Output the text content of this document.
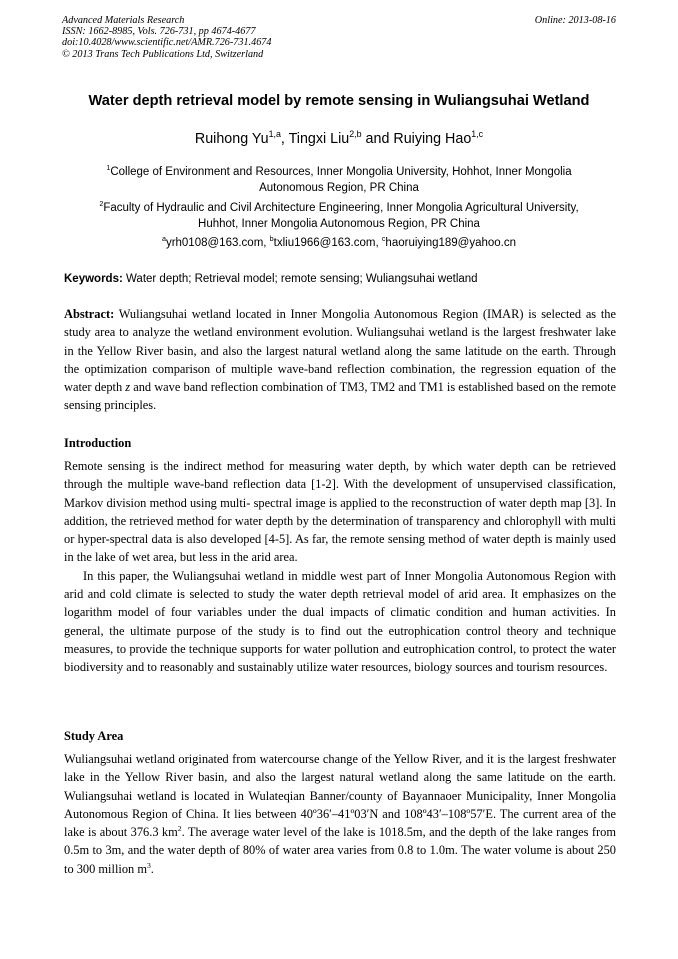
Advanced Materials Research
ISSN: 1662-8985, Vols. 726-731, pp 4674-4677
doi:10.4028/www.scientific.net/AMR.726-731.4674
© 2013 Trans Tech Publications Ltd, Switzerland
Online: 2013-08-16
Water depth retrieval model by remote sensing in Wuliangsuhai Wetland
Ruihong Yu$^{1,a}$, Tingxi Liu$^{2,b}$ and Ruiying Hao$^{1,c}$
$^1$College of Environment and Resources, Inner Mongolia University, Hohhot, Inner Mongolia
Autonomous Region, PR China
$^2$Faculty of Hydraulic and Civil Architecture Engineering, Inner Mongolia Agricultural University,
Huhhot, Inner Mongolia Autonomous Region, PR China
$^a$yrh0108@163.com, $^b$txliu1966@163.com, $^c$haoruiying189@yahoo.cn
Keywords: Water depth; Retrieval model; remote sensing; Wuliangsuhai wetland

Abstract: Wuliangsuhai wetland located in Inner Mongolia Autonomous Region (IMAR) is selected as the study area to analyze the wetland environment evolution. Wuliangsuhai wetland is the largest freshwater lake in the Yellow River basin, and also the largest natural wetland along the same latitude on the earth. Through the optimization comparison of multiple wave-band reflection combination, the regression equation of the water depth z and wave band reflection combination of TM3, TM2 and TM1 is established based on the remote sensing principles.

Introduction

Remote sensing is the indirect method for measuring water depth, by which water depth can be retrieved through the multiple wave-band reflection data [1-2]. With the development of unsupervised classification, Markov division method using multi- spectral image is applied to the reconstruction of water depth map [3]. In addition, the retrieved method for water depth by the determination of transparency and chlorophyll with multi or hyper-spectral data is also developed [4-5]. As far, the remote sensing method of water depth is mainly used in the lake of wet area, but less in the arid area.

In this paper, the Wuliangsuhai wetland in middle west part of Inner Mongolia Autonomous Region with arid and cold climate is selected to study the water depth retrieval model of arid area. It emphasizes on the logarithm model of four variables under the dual impacts of climatic condition and human activities. In general, the ultimate purpose of the study is to find out the eutrophication control theory and technique measures, to provide the technique supports for water pollution and eutrophication control, to protect the water biodiversity and to reasonably and sustainably utilize water resources, biology sources and tourism resources.

Study Area

Wuliangsuhai wetland originated from watercourse change of the Yellow River, and it is the largest freshwater lake in the Yellow River basin, and also the largest natural wetland along the same latitude on the earth. Wuliangsuhai wetland is located in Wulateqian Banner/county of Bayannaoer Municipality, Inner Mongolia Autonomous Region of China. It lies between 40º36′–41º03′N and 108º43′–108º57′E. The current area of the lake is about 376.3 $km^2$. The average water level of the lake is 1018.5m, and the depth of the lake ranges from 0.5m to 3m, and the water depth of 80% of water area varies from 0.8 to 1.0m. The water volume is about 250 to 300 million $m^3$.
